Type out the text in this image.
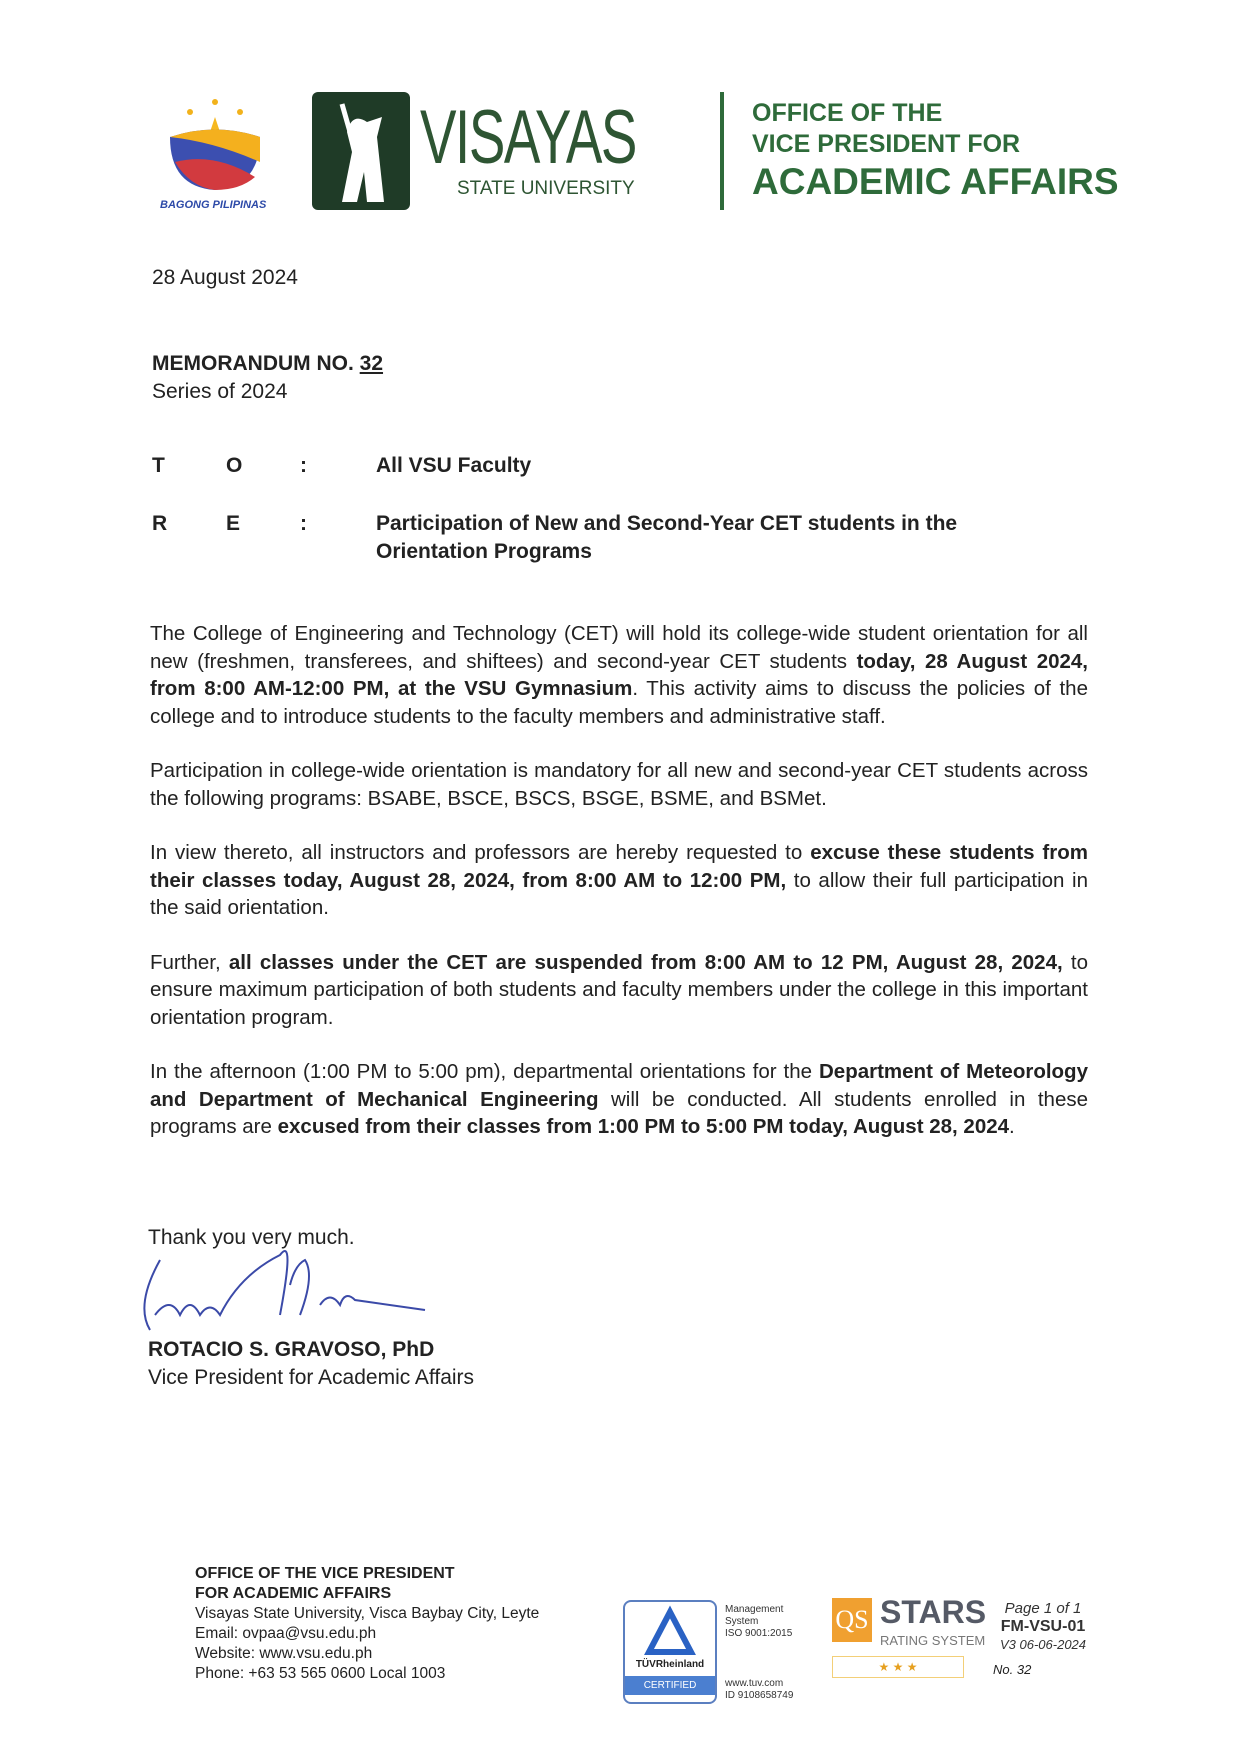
BAGONG PILIPINAS
VISAYAS
STATE UNIVERSITY
OFFICE OF THE
VICE PRESIDENT FOR
ACADEMIC AFFAIRS
28 August 2024
MEMORANDUM NO. 32
Series of 2024
T	O	:	All VSU Faculty
R	E	:	Participation of New and Second-Year CET students in the
Orientation Programs

The College of Engineering and Technology (CET) will hold its college-wide student orientation for all new (freshmen, transferees, and shiftees) and second-year CET students today, 28 August 2024, from 8:00 AM-12:00 PM, at the VSU Gymnasium. This activity aims to discuss the policies of the college and to introduce students to the faculty members and administrative staff.

Participation in college-wide orientation is mandatory for all new and second-year CET students across the following programs: BSABE, BSCE, BSCS, BSGE, BSME, and BSMet.

In view thereto, all instructors and professors are hereby requested to excuse these students from their classes today, August 28, 2024, from 8:00 AM to 12:00 PM, to allow their full participation in the said orientation.

Further, all classes under the CET are suspended from 8:00 AM to 12 PM, August 28, 2024, to ensure maximum participation of both students and faculty members under the college in this important orientation program.

In the afternoon (1:00 PM to 5:00 pm), departmental orientations for the Department of Meteorology and Department of Mechanical Engineering will be conducted. All students enrolled in these programs are excused from their classes from 1:00 PM to 5:00 PM today, August 28, 2024.

Thank you very much.
ROTACIO S. GRAVOSO, PhD
Vice President for Academic Affairs
OFFICE OF THE VICE PRESIDENT
FOR ACADEMIC AFFAIRS
Visayas State University, Visca Baybay City, Leyte
Email: ovpaa@vsu.edu.ph
Website: www.vsu.edu.ph
Phone: +63 53 565 0600 Local 1003
TÜVRheinland
CERTIFIED
Management
System
ISO 9001:2015
www.tuv.com
ID 9108658749
QS STARS
RATING SYSTEM
★ ★ ★
Page 1 of 1
FM-VSU-01
V3 06-06-2024
No. 32
